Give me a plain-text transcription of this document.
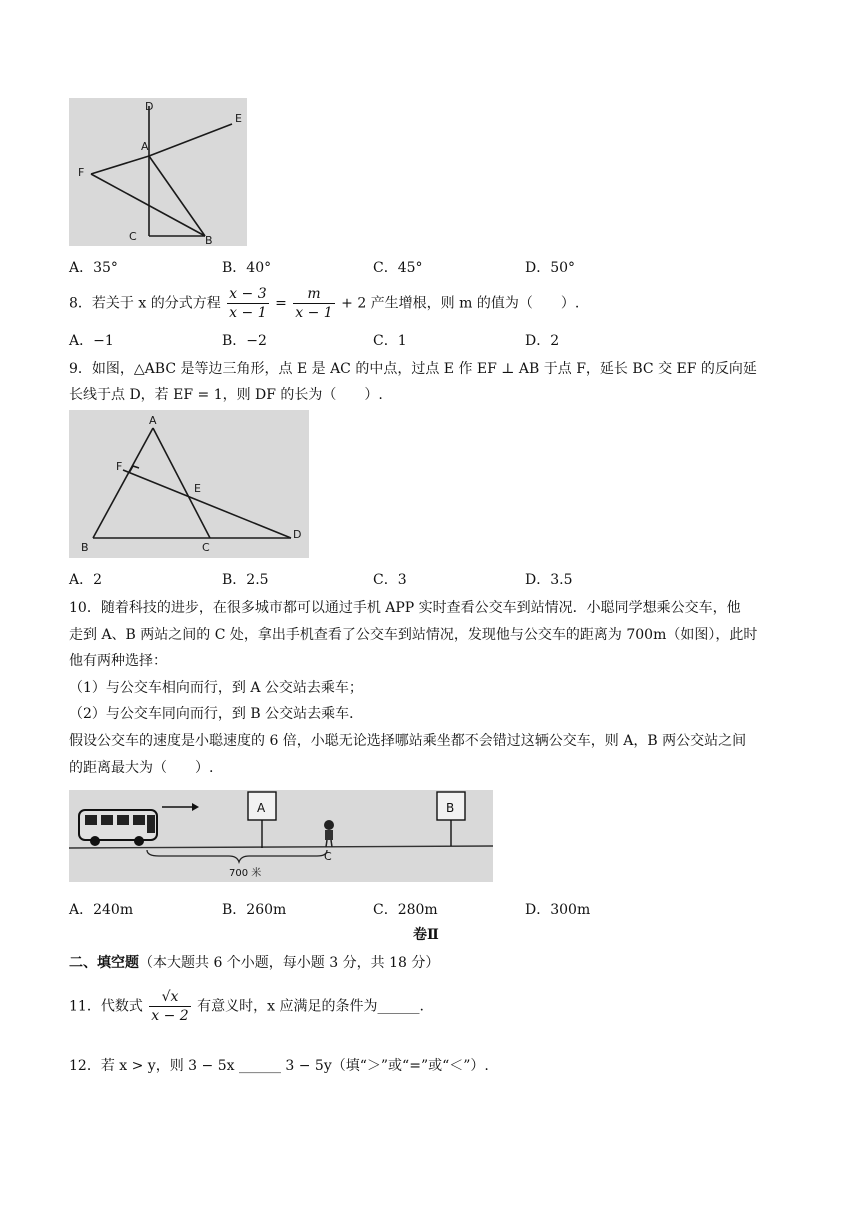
D
E
A
F
C	B
A．35°	B．40°	C．45°	D．50°
8．若关于 x 的分式方程 $\frac{x - 3}{x - 1} = \frac{m}{x - 1} + 2$ 产生增根，则 m 的值为（　　）.
A．−1	B．−2	C．1	D．2
9．如图，△ABC 是等边三角形，点 E 是 AC 的中点，过点 E 作 EF ⊥ AB 于点 F，延长 BC 交 EF 的反向延
长线于点 D，若 EF = 1，则 DF 的长为（　　）.
A
F
E
B	C
D
A．2	B．2.5	C．3	D．3.5
10．随着科技的进步，在很多城市都可以通过手机 APP 实时查看公交车到站情况．小聪同学想乘公交车，他
走到 A、B 两站之间的 C 处，拿出手机查看了公交车到站情况，发现他与公交车的距离为 700m（如图），此时
他有两种选择：
（1）与公交车相向而行，到 A 公交站去乘车；
（2）与公交车同向而行，到 B 公交站去乘车．
假设公交车的速度是小聪速度的 6 倍，小聪无论选择哪站乘坐都不会错过这辆公交车，则 A，B 两公交站之间
的距离最大为（　　）.
A	B
C
700 米
A．240m	B．260m	C．280m	D．300m
卷Ⅱ
二、填空题（本大题共 6 个小题，每小题 3 分，共 18 分）
11．代数式 $\frac{√x}{x - 2}$ 有意义时，x 应满足的条件为______.
12．若 x > y，则 3 − 5x ______ 3 − 5y（填“＞”或“=”或“＜”）.
